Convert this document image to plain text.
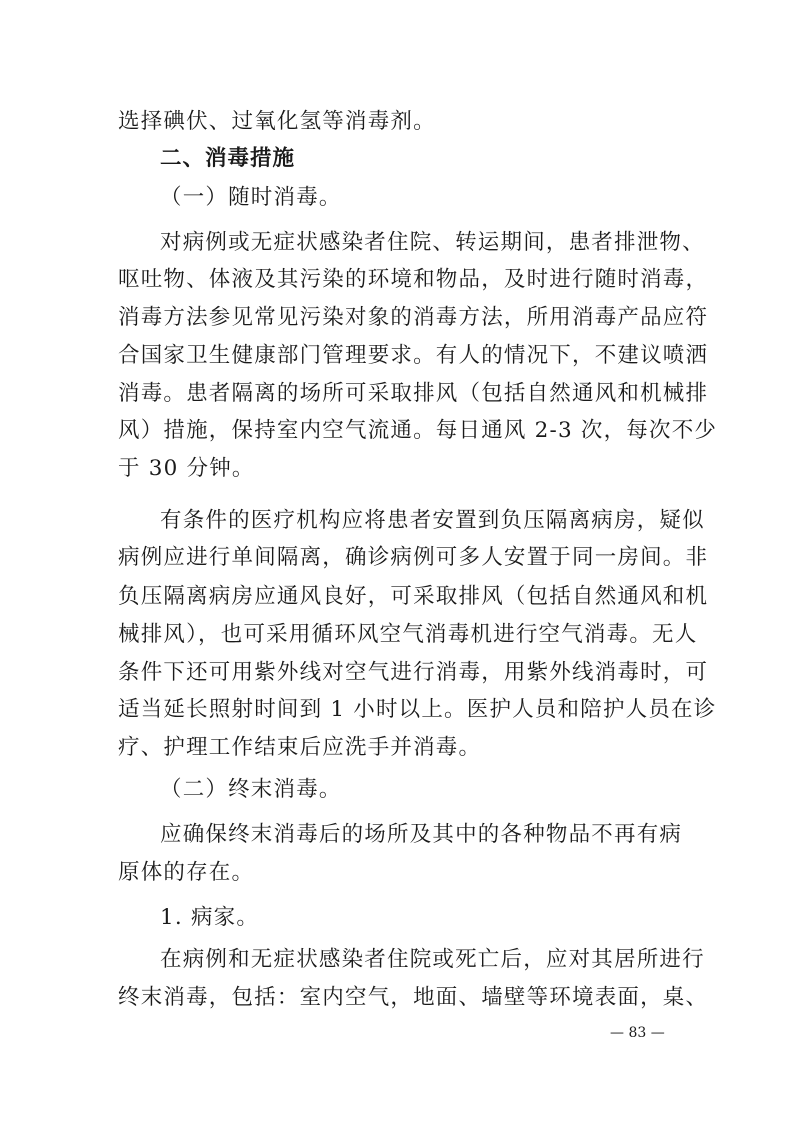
选择碘伏、过氧化氢等消毒剂。
二、消毒措施
（一）随时消毒。
对病例或无症状感染者住院、转运期间，患者排泄物、
呕吐物、体液及其污染的环境和物品，及时进行随时消毒，
消毒方法参见常见污染对象的消毒方法，所用消毒产品应符
合国家卫生健康部门管理要求。有人的情况下，不建议喷洒
消毒。患者隔离的场所可采取排风（包括自然通风和机械排
风）措施，保持室内空气流通。每日通风 2-3 次，每次不少
于 30 分钟。
有条件的医疗机构应将患者安置到负压隔离病房，疑似
病例应进行单间隔离，确诊病例可多人安置于同一房间。非
负压隔离病房应通风良好，可采取排风（包括自然通风和机
械排风），也可采用循环风空气消毒机进行空气消毒。无人
条件下还可用紫外线对空气进行消毒，用紫外线消毒时，可
适当延长照射时间到 1 小时以上。医护人员和陪护人员在诊
疗、护理工作结束后应洗手并消毒。
（二）终末消毒。
应确保终末消毒后的场所及其中的各种物品不再有病
原体的存在。
1. 病家。
在病例和无症状感染者住院或死亡后，应对其居所进行
终末消毒，包括：室内空气，地面、墙壁等环境表面，桌、
— 83 —
